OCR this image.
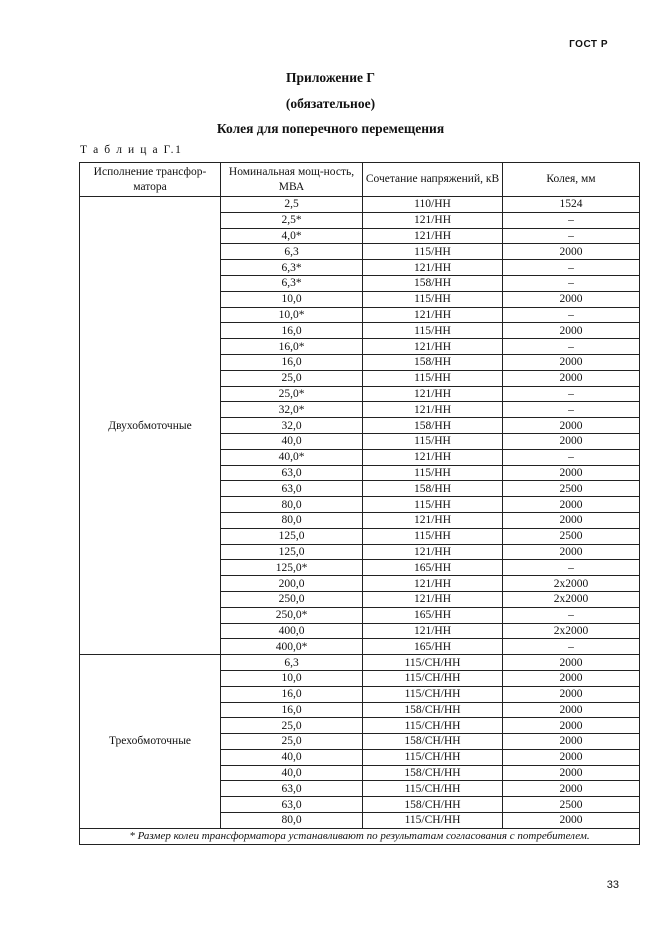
ГОСТ Р
Приложение Г
(обязательное)
Колея для поперечного перемещения
Т а б л и ц а Г.1
Исполнение трансфор-матора	Номинальная мощ-ность, МВА	Сочетание напряжений, кВ	Колея, мм
Двухобмоточные	2,5	110/НН	1524
	2,5*	121/НН	–
	4,0*	121/НН	–
	6,3	115/НН	2000
	6,3*	121/НН	–
	6,3*	158/НН	–
	10,0	115/НН	2000
	10,0*	121/НН	–
	16,0	115/НН	2000
	16,0*	121/НН	–
	16,0	158/НН	2000
	25,0	115/НН	2000
	25,0*	121/НН	–
	32,0*	121/НН	–
	32,0	158/НН	2000
	40,0	115/НН	2000
	40,0*	121/НН	–
	63,0	115/НН	2000
	63,0	158/НН	2500
	80,0	115/НН	2000
	80,0	121/НН	2000
	125,0	115/НН	2500
	125,0	121/НН	2000
	125,0*	165/НН	–
	200,0	121/НН	2x2000
	250,0	121/НН	2x2000
	250,0*	165/НН	–
	400,0	121/НН	2x2000
	400,0*	165/НН	–
Трехобмоточные	6,3	115/СН/НН	2000
	10,0	115/СН/НН	2000
	16,0	115/СН/НН	2000
	16,0	158/СН/НН	2000
	25,0	115/СН/НН	2000
	25,0	158/СН/НН	2000
	40,0	115/СН/НН	2000
	40,0	158/СН/НН	2000
	63,0	115/СН/НН	2000
	63,0	158/СН/НН	2500
	80,0	115/СН/НН	2000
* Размер колеи трансформатора устанавливают по результатам согласования с потребителем.			
33
